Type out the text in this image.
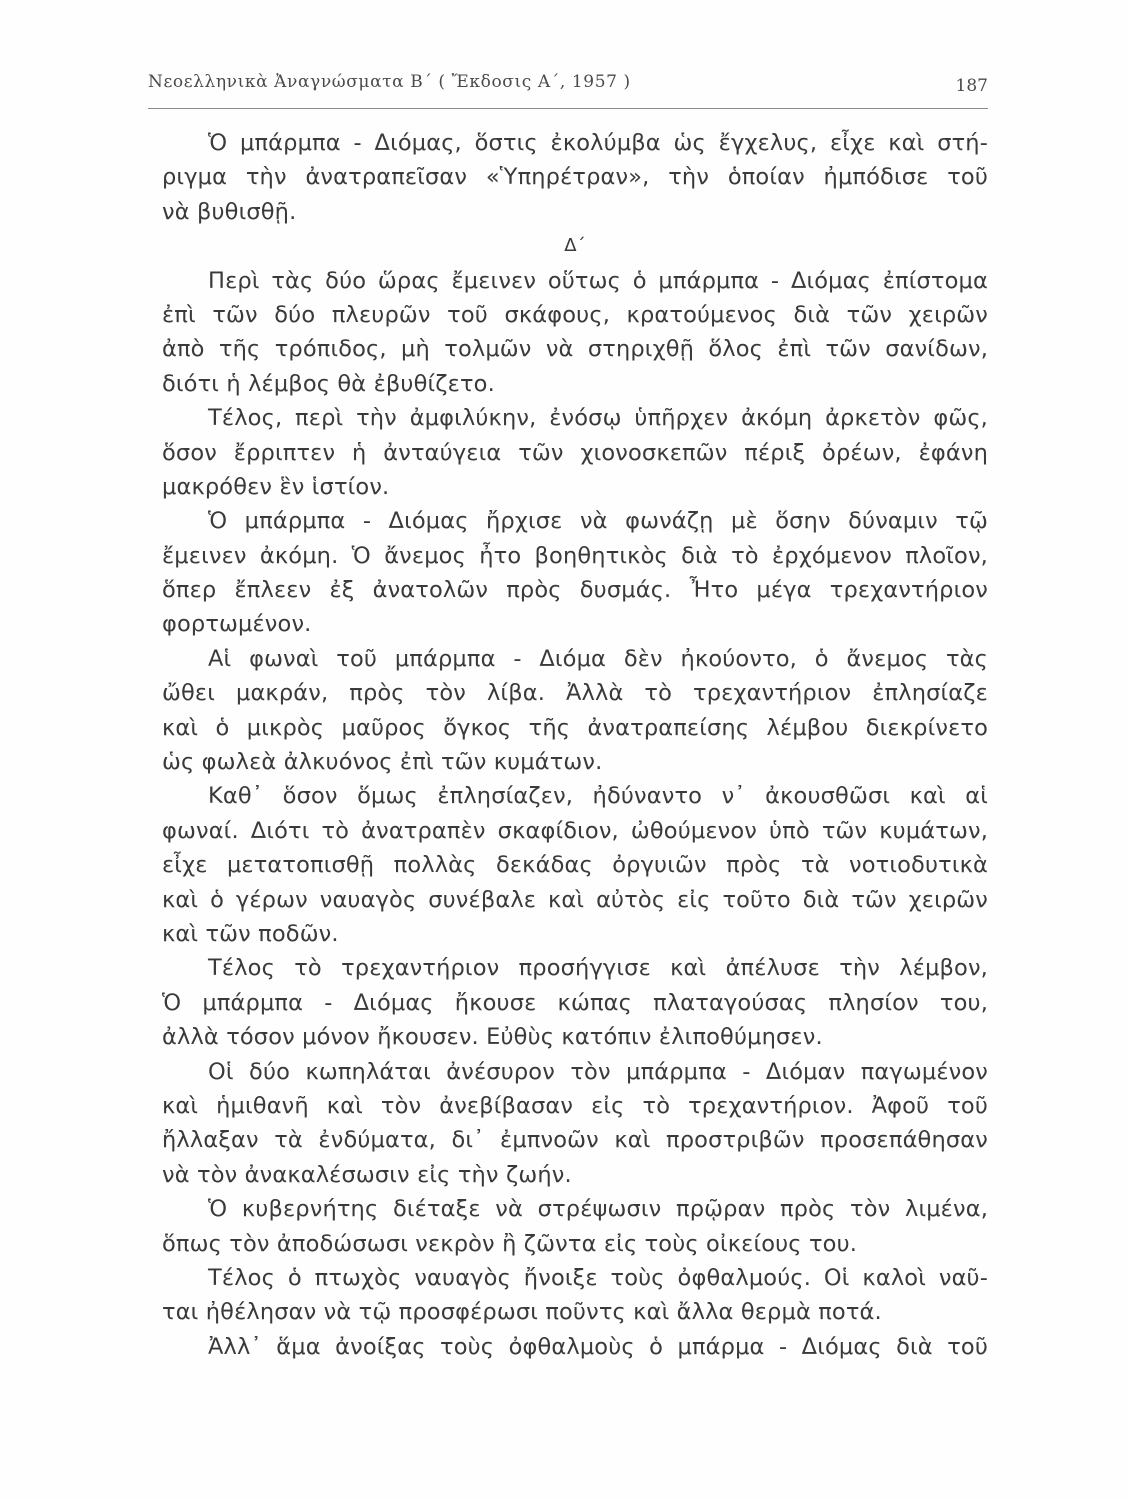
Νεοελληνικὰ Ἀναγνώσματα Β΄ ( Ἔκδοσις Α΄, 1957 )	187
Ὁ μπάρμπα - Διόμας, ὅστις ἐκολύμβα ὡς ἔγχελυς, εἶχε καὶ στή-
ριγμα τὴν ἀνατραπεῖσαν «Ὑπηρέτραν», τὴν ὁποίαν ἠμπόδισε τοῦ
νὰ βυθισθῇ.
Δ΄
Περὶ τὰς δύο ὥρας ἔμεινεν οὕτως ὁ μπάρμπα - Διόμας ἐπίστομα
ἐπὶ τῶν δύο πλευρῶν τοῦ σκάφους, κρατούμενος διὰ τῶν χειρῶν
ἀπὸ τῆς τρόπιδος, μὴ τολμῶν νὰ στηριχθῇ ὅλος ἐπὶ τῶν σανίδων,
διότι ἡ λέμβος θὰ ἐβυθίζετο.
Τέλος, περὶ τὴν ἀμφιλύκην, ἐνόσῳ ὑπῆρχεν ἀκόμη ἀρκετὸν φῶς,
ὅσον ἔρριπτεν ἡ ἀνταύγεια τῶν χιονοσκεπῶν πέριξ ὀρέων, ἐφάνη
μακρόθεν ἓν ἱστίον.
Ὁ μπάρμπα - Διόμας ἤρχισε νὰ φωνάζῃ μὲ ὅσην δύναμιν τῷ
ἔμεινεν ἀκόμη. Ὁ ἄνεμος ἦτο βοηθητικὸς διὰ τὸ ἐρχόμενον πλοῖον,
ὅπερ ἔπλεεν ἐξ ἀνατολῶν πρὸς δυσμάς. Ἦτο μέγα τρεχαντήριον
φορτωμένον.
Αἱ φωναὶ τοῦ μπάρμπα - Διόμα δὲν ἠκούοντο, ὁ ἄνεμος τὰς
ὤθει μακράν, πρὸς τὸν λίβα. Ἀλλὰ τὸ τρεχαντήριον ἐπλησίαζε
καὶ ὁ μικρὸς μαῦρος ὄγκος τῆς ἀνατραπείσης λέμβου διεκρίνετο
ὡς φωλεὰ ἀλκυόνος ἐπὶ τῶν κυμάτων.
Καθ᾽ ὅσον ὅμως ἐπλησίαζεν, ἠδύναντο ν᾽ ἀκουσθῶσι καὶ αἱ
φωναί. Διότι τὸ ἀνατραπὲν σκαφίδιον, ὠθούμενον ὑπὸ τῶν κυμάτων,
εἶχε μετατοπισθῇ πολλὰς δεκάδας ὀργυιῶν πρὸς τὰ νοτιοδυτικὰ
καὶ ὁ γέρων ναυαγὸς συνέβαλε καὶ αὐτὸς εἰς τοῦτο διὰ τῶν χειρῶν
καὶ τῶν ποδῶν.
Τέλος τὸ τρεχαντήριον προσήγγισε καὶ ἀπέλυσε τὴν λέμβον,
Ὁ μπάρμπα - Διόμας ἤκουσε κώπας πλαταγούσας πλησίον του,
ἀλλὰ τόσον μόνον ἤκουσεν. Εὐθὺς κατόπιν ἐλιποθύμησεν.
Οἱ δύο κωπηλάται ἀνέσυρον τὸν μπάρμπα - Διόμαν παγωμένον
καὶ ἡμιθανῆ καὶ τὸν ἀνεβίβασαν εἰς τὸ τρεχαντήριον. Ἀφοῦ τοῦ
ἤλλαξαν τὰ ἐνδύματα, δι᾽ ἐμπνοῶν καὶ προστριβῶν προσεπάθησαν
νὰ τὸν ἀνακαλέσωσιν εἰς τὴν ζωήν.
Ὁ κυβερνήτης διέταξε νὰ στρέψωσιν πρῷραν πρὸς τὸν λιμένα,
ὅπως τὸν ἀποδώσωσι νεκρὸν ἢ ζῶντα εἰς τοὺς οἰκείους του.
Τέλος ὁ πτωχὸς ναυαγὸς ἤνοιξε τοὺς ὀφθαλμούς. Οἱ καλοὶ ναῦ-
ται ἠθέλησαν νὰ τῷ προσφέρωσι ποῦντς καὶ ἄλλα θερμὰ ποτά.
Ἀλλ᾽ ἅμα ἀνοίξας τοὺς ὀφθαλμοὺς ὁ μπάρμα - Διόμας διὰ τοῦ
